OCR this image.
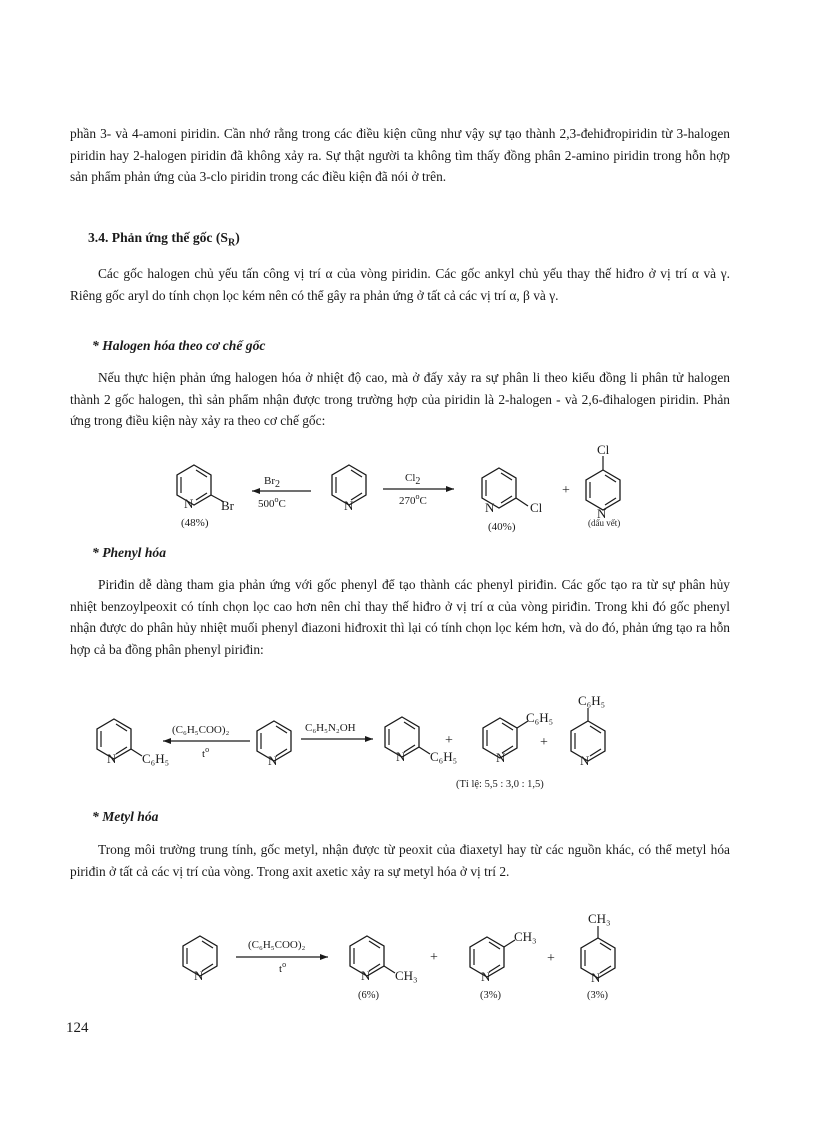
phần 3- và 4-amoni piridin. Cần nhớ rằng trong các điều kiện cũng như vậy sự tạo thành 2,3-đehiđropiridin từ 3-halogen piridin hay 2-halogen piridin đã không xảy ra. Sự thật người ta không tìm thấy đồng phân 2-amino piridin trong hỗn hợp sản phẩm phản ứng của 3-clo piridin trong các điều kiện đã nói ở trên.

3.4. Phản ứng thế gốc $(S_R)$

Các gốc halogen chủ yếu tấn công vị trí α của vòng piridin. Các gốc ankyl chủ yếu thay thế hiđro ở vị trí α và γ. Riêng gốc aryl do tính chọn lọc kém nên có thể gây ra phản ứng ở tất cả các vị trí α, β và γ.

* Halogen hóa theo cơ chế gốc

Nếu thực hiện phản ứng halogen hóa ở nhiệt độ cao, mà ở đấy xảy ra sự phân li theo kiểu đồng li phân tử halogen thành 2 gốc halogen, thì sản phẩm nhận được trong trường hợp của piridin là 2-halogen - và 2,6-đihalogen piridin. Phản ứng trong điều kiện này xảy ra theo cơ chế gốc:

N Br
(48%)
Br2
500$^o$C	N
Cl2
270$^o$C	N	Cl
(40%)
+
Cl
N
(dấu vết)

* Phenyl hóa

Piriđin dễ dàng tham gia phản ứng với gốc phenyl để tạo thành các phenyl piriđin. Các gốc tạo ra từ sự phân hủy nhiệt benzoylpeoxit có tính chọn lọc cao hơn nên chỉ thay thế hiđro ở vị trí α của vòng piriđin. Trong khi đó gốc phenyl nhận được do phân hủy nhiệt muối phenyl điazoni hiđroxit thì lại có tính chọn lọc kém hơn, và do đó, phản ứng tạo ra hỗn hợp cả ba đồng phân phenyl piriđin:

N C₆H₅
(C₆H₅COO)₂
$t^o$
N
C₆H₅N₂OH
N C₆H₅
+
N
C₆H₅
+
C₆H₅
N
(Tỉ lệ: 5,5 : 3,0 : 1,5)

* Metyl hóa

Trong môi trường trung tính, gốc metyl, nhận được từ peoxit của điaxetyl hay từ các nguồn khác, có thể metyl hóa piriđin ở tất cả các vị trí của vòng. Trong axit axetic xảy ra sự metyl hóa ở vị trí 2.

N
(C₆H₅COO)₂
$t^o$
N CH₃
(6%)
+
N
CH₃
(3%)
+
CH₃
N
(3%)

124
